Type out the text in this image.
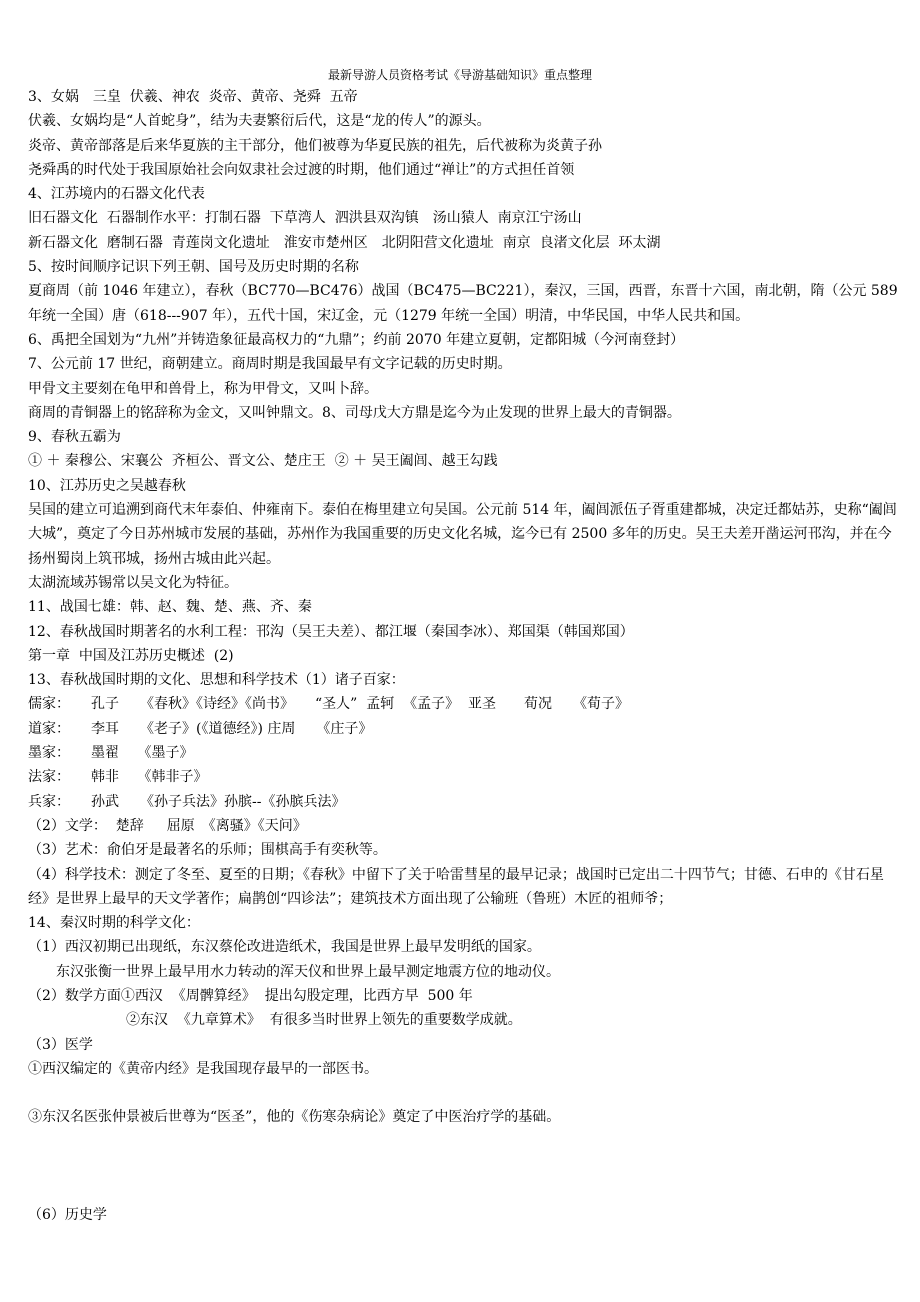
最新导游人员资格考试《导游基础知识》重点整理
3、女娲　三皇  伏羲、神农  炎帝、黄帝、尧舜  五帝
伏羲、女娲均是“人首蛇身”，结为夫妻繁衍后代，这是“龙的传人”的源头。
炎帝、黄帝部落是后来华夏族的主干部分，他们被尊为华夏民族的祖先，后代被称为炎黄子孙
尧舜禹的时代处于我国原始社会向奴隶社会过渡的时期，他们通过“禅让”的方式担任首领
4、江苏境内的石器文化代表
旧石器文化  石器制作水平：打制石器  下草湾人  泗洪县双沟镇　汤山猿人  南京江宁汤山
新石器文化  磨制石器  青莲岗文化遗址　淮安市楚州区　北阴阳营文化遗址  南京  良渚文化层  环太湖
5、按时间顺序记识下列王朝、国号及历史时期的名称
夏商周（前 1046 年建立），春秋（BC770—BC476）战国（BC475—BC221），秦汉，三国，西晋，东晋十六国，南北朝，隋（公元 589 年统一全国）唐（618---907 年），五代十国，宋辽金，元（1279 年统一全国）明清，中华民国，中华人民共和国。
6、禹把全国划为“九州”并铸造象征最高权力的“九鼎”；约前 2070 年建立夏朝，定都阳城（今河南登封）
7、公元前 17 世纪，商朝建立。商周时期是我国最早有文字记载的历史时期。
甲骨文主要刻在龟甲和兽骨上，称为甲骨文，又叫卜辞。
商周的青铜器上的铭辞称为金文，又叫钟鼎文。8、司母戊大方鼎是迄今为止发现的世界上最大的青铜器。
9、春秋五霸为
① ＋ 秦穆公、宋襄公  齐桓公、晋文公、楚庄王  ② ＋ 吴王阖闾、越王勾践
10、江苏历史之吴越春秋
吴国的建立可追溯到商代末年泰伯、仲雍南下。泰伯在梅里建立句吴国。公元前 514 年，阖闾派伍子胥重建都城，决定迁都姑苏，史称“阖闾大城”，奠定了今日苏州城市发展的基础，苏州作为我国重要的历史文化名城，迄今已有 2500 多年的历史。吴王夫差开凿运河邗沟，并在今扬州蜀岗上筑邗城，扬州古城由此兴起。
太湖流域苏锡常以吴文化为特征。
11、战国七雄：韩、赵、魏、楚、燕、齐、秦
12、春秋战国时期著名的水利工程：邗沟（吴王夫差）、都江堰（秦国李冰）、郑国渠（韩国郑国）
第一章  中国及江苏历史概述  (2)
13、春秋战国时期的文化、思想和科学技术（1）诸子百家：
儒家：　　孔子　　《春秋》《诗经》《尚书》　　“圣人”  孟轲  《孟子》  亚圣　　荀况　　《荀子》
道家：　　李耳　　《老子》(《道德经》) 庄周　　《庄子》
墨家：　　墨翟　 《墨子》
法家：　　韩非　 《韩非子》
兵家：　　孙武　　《孙子兵法》孙膑--《孙膑兵法》
（2）文学：  楚辞　  屈原　《离骚》《天问》
（3）艺术：俞伯牙是最著名的乐师；围棋高手有奕秋等。
（4）科学技术：测定了冬至、夏至的日期；《春秋》中留下了关于哈雷彗星的最早记录；战国时已定出二十四节气；甘德、石申的《甘石星经》是世界上最早的天文学著作；扁鹊创“四诊法”；建筑技术方面出现了公输班（鲁班）木匠的祖师爷；
14、秦汉时期的科学文化：
（1）西汉初期已出现纸，东汉蔡伦改进造纸术，我国是世界上最早发明纸的国家。
　　东汉张衡一世界上最早用水力转动的浑天仪和世界上最早测定地震方位的地动仪。
（2）数学方面①西汉  《周髀算经》  提出勾股定理，比西方早  500 年
　　　　　　　②东汉  《九章算术》  有很多当时世界上领先的重要数学成就。
（3）医学
①西汉编定的《黄帝内经》是我国现存最早的一部医书。

③东汉名医张仲景被后世尊为“医圣”，他的《伤寒杂病论》奠定了中医治疗学的基础。

（6）历史学
